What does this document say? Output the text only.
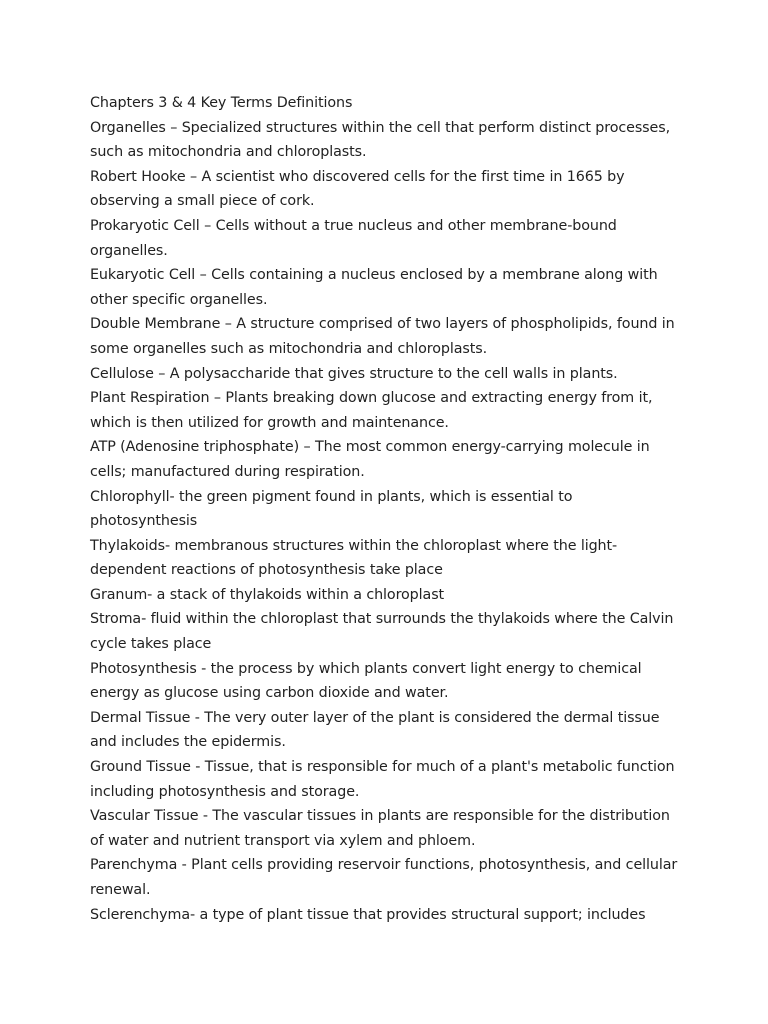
Chapters 3 & 4 Key Terms Definitions
Organelles – Specialized structures within the cell that perform distinct processes,
such as mitochondria and chloroplasts.
Robert Hooke – A scientist who discovered cells for the first time in 1665 by
observing a small piece of cork.
Prokaryotic Cell – Cells without a true nucleus and other membrane-bound
organelles.
Eukaryotic Cell – Cells containing a nucleus enclosed by a membrane along with
other specific organelles.
Double Membrane – A structure comprised of two layers of phospholipids, found in
some organelles such as mitochondria and chloroplasts.
Cellulose – A polysaccharide that gives structure to the cell walls in plants.
Plant Respiration – Plants breaking down glucose and extracting energy from it,
which is then utilized for growth and maintenance.
ATP (Adenosine triphosphate) – The most common energy-carrying molecule in
cells; manufactured during respiration.
Chlorophyll- the green pigment found in plants, which is essential to
photosynthesis
Thylakoids- membranous structures within the chloroplast where the light-
dependent reactions of photosynthesis take place
Granum- a stack of thylakoids within a chloroplast
Stroma- fluid within the chloroplast that surrounds the thylakoids where the Calvin
cycle takes place
Photosynthesis - the process by which plants convert light energy to chemical
energy as glucose using carbon dioxide and water.
Dermal Tissue - The very outer layer of the plant is considered the dermal tissue
and includes the epidermis.
Ground Tissue - Tissue, that is responsible for much of a plant's metabolic function
including photosynthesis and storage.
Vascular Tissue - The vascular tissues in plants are responsible for the distribution
of water and nutrient transport via xylem and phloem.
Parenchyma - Plant cells providing reservoir functions, photosynthesis, and cellular
renewal.
Sclerenchyma- a type of plant tissue that provides structural support; includes
